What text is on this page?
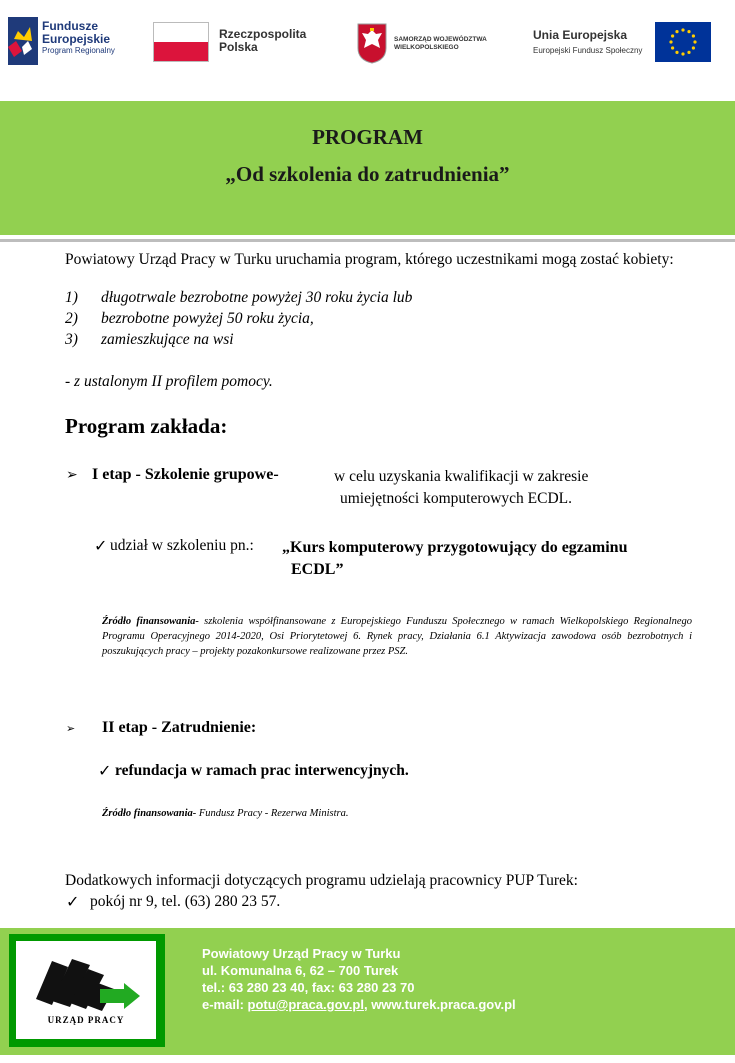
Fundusze
Europejskie
Program Regionalny
Rzeczpospolita
Polska
SAMORZĄD WOJEWÓDZTWA
WIELKOPOLSKIEGO
Unia Europejska
Europejski Fundusz Społeczny
PROGRAM
„Od szkolenia do zatrudnienia”
Powiatowy Urząd Pracy w Turku uruchamia program, którego uczestnikami mogą zostać kobiety:
1) długotrwale bezrobotne powyżej 30 roku życia lub
2) bezrobotne powyżej 50 roku życia,
3) zamieszkujące na wsi
- z ustalonym II profilem pomocy.
Program zakłada:
➢ I etap - Szkolenie grupowe-	w celu uzyskania kwalifikacji w zakresie
umiejętności komputerowych ECDL.
✓ udział w szkoleniu pn.: „Kurs komputerowy przygotowujący do egzaminu
ECDL”
Źródło finansowania- szkolenia współfinansowane z Europejskiego Funduszu Społecznego w ramach Wielkopolskiego Regionalnego Programu Operacyjnego 2014-2020, Osi Priorytetowej 6. Rynek pracy, Działania 6.1 Aktywizacja zawodowa osób bezrobotnych i poszukujących pracy – projekty pozakonkursowe realizowane przez PSZ.
➢ II etap - Zatrudnienie:
✓ refundacja w ramach prac interwencyjnych.
Źródło finansowania- Fundusz Pracy - Rezerwa Ministra.
Dodatkowych informacji dotyczących programu udzielają pracownicy PUP Turek:
✓ pokój nr 9, tel. (63) 280 23 57.
URZĄD PRACY
Powiatowy Urząd Pracy w Turku
ul. Komunalna 6, 62 – 700 Turek
tel.: 63 280 23 40, fax: 63 280 23 70
e-mail: potu@praca.gov.pl, www.turek.praca.gov.pl
